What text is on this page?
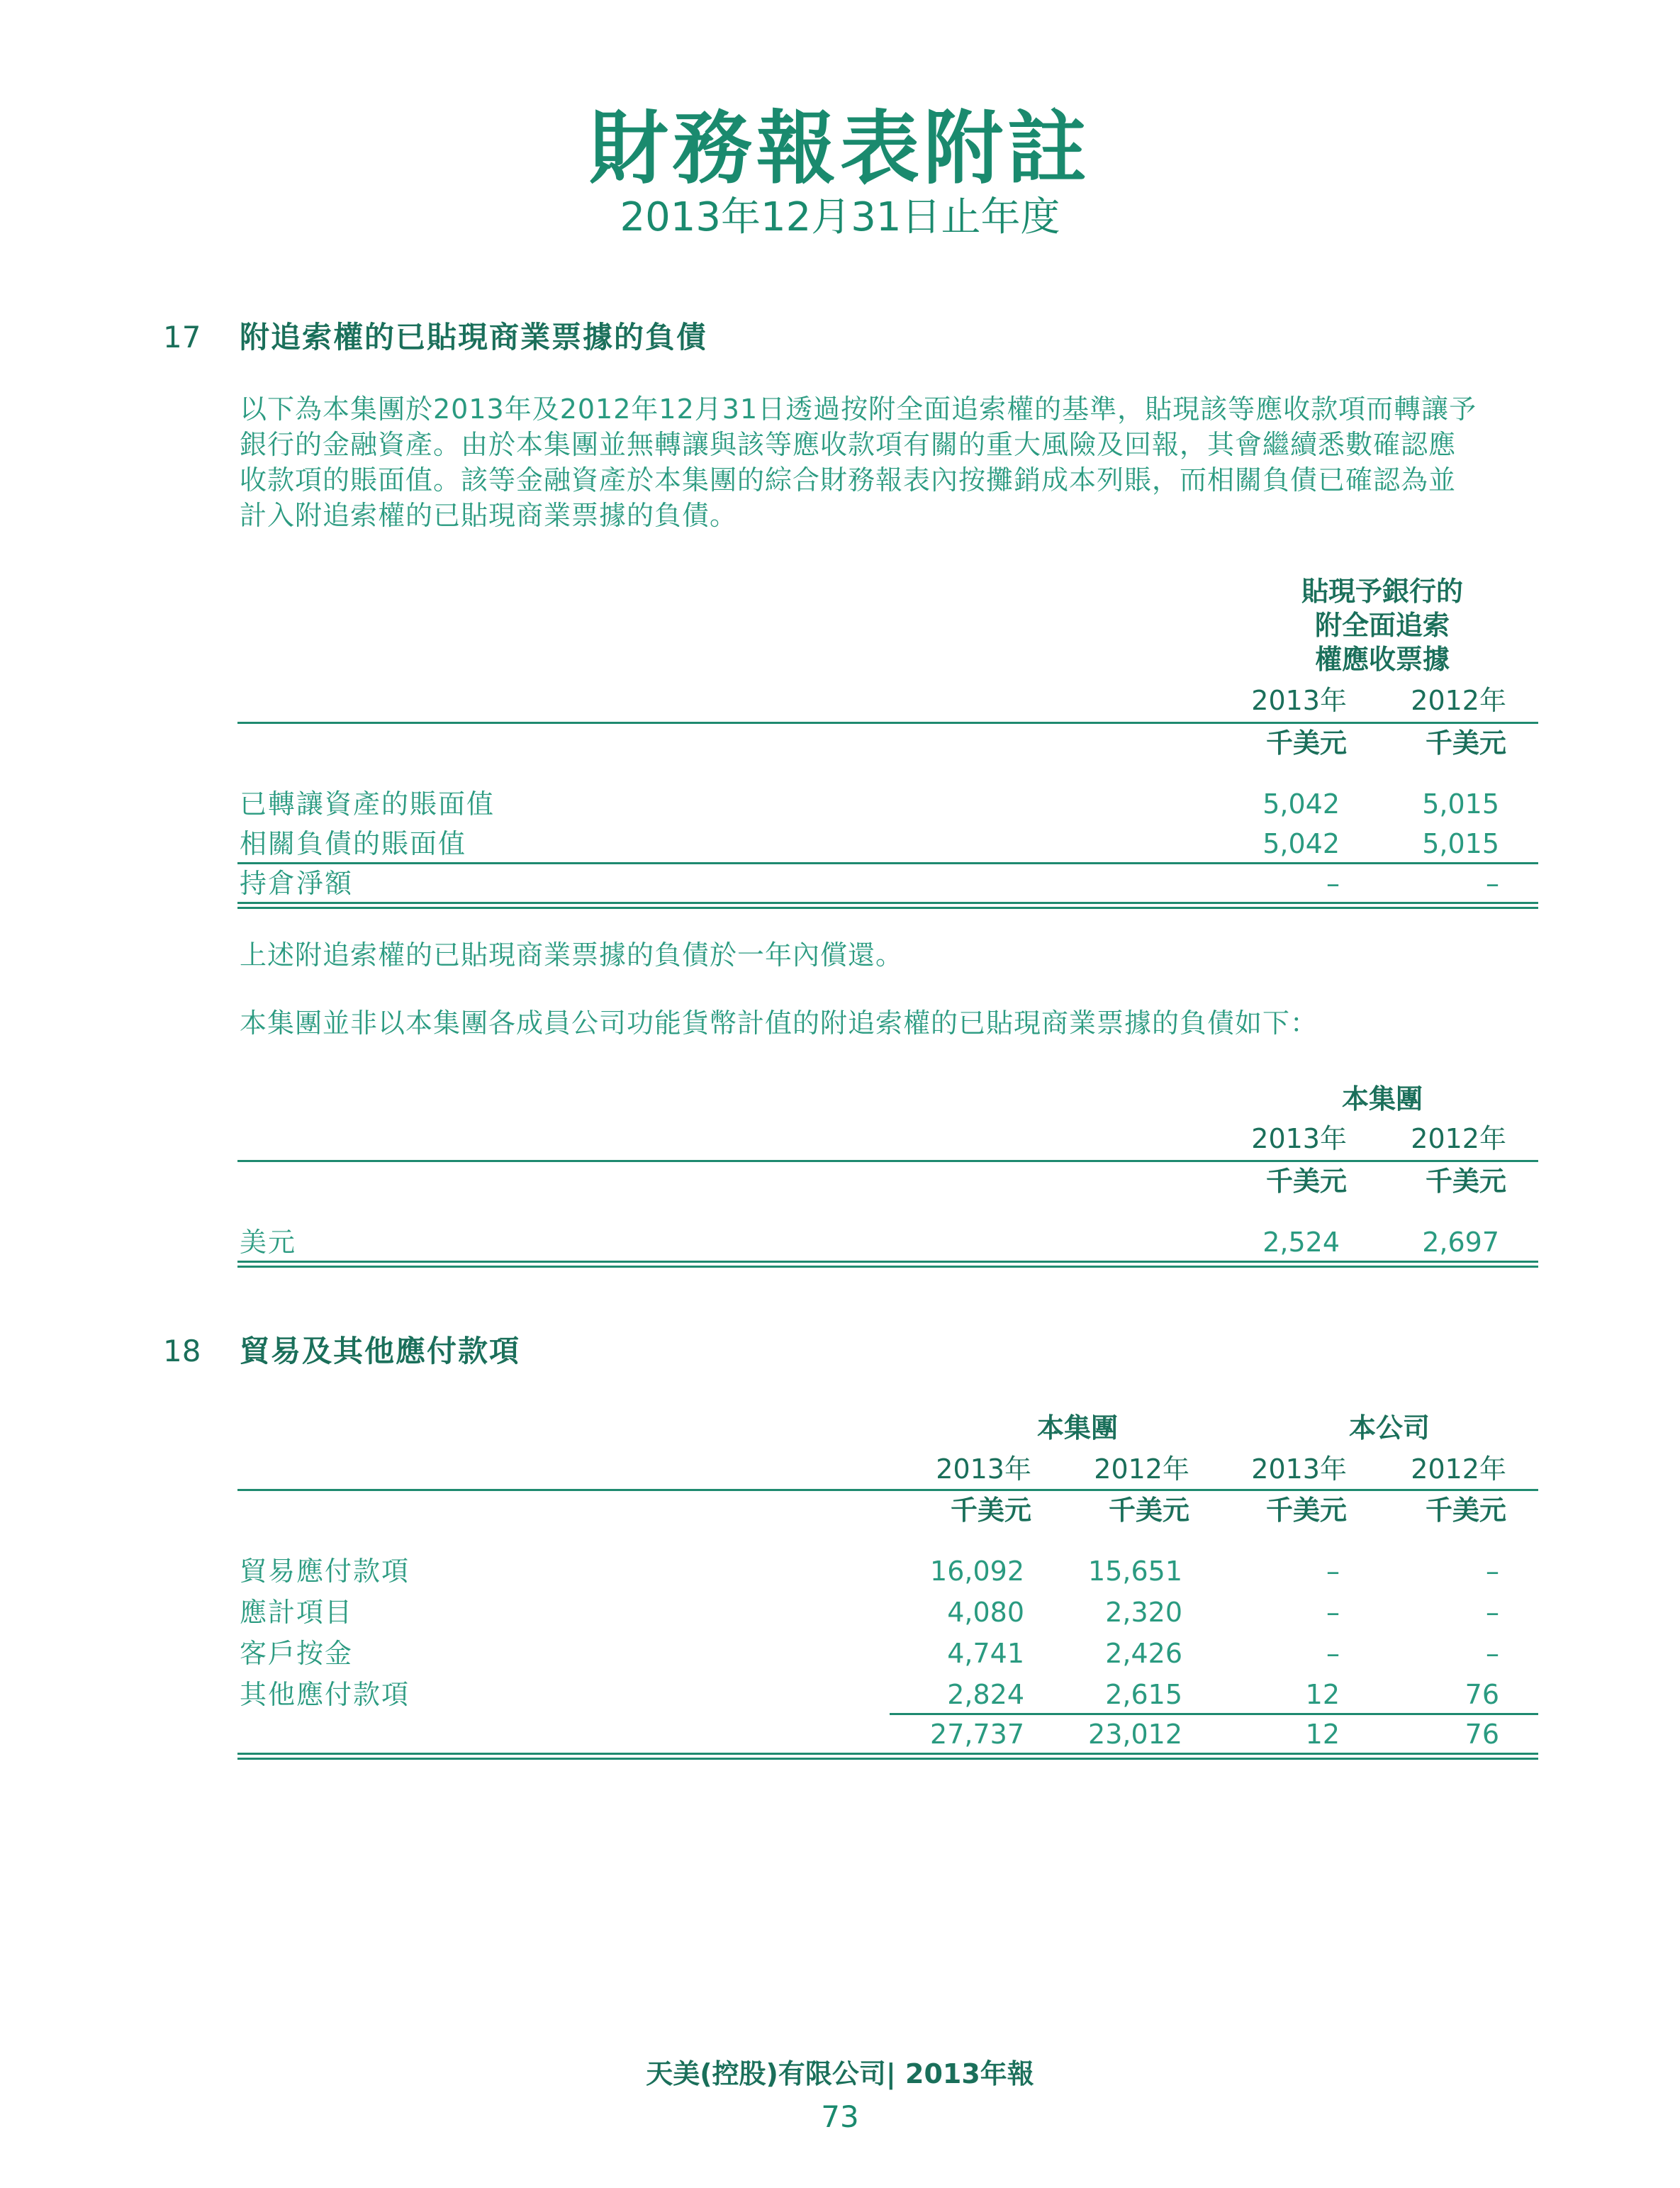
財務報表附註
2013年12月31日止年度
17 附追索權的已貼現商業票據的負債
以下為本集團於2013年及2012年12月31日透過按附全面追索權的基準，貼現該等應收款項而轉讓予
銀行的金融資產。由於本集團並無轉讓與該等應收款項有關的重大風險及回報，其會繼續悉數確認應
收款項的賬面值。該等金融資產於本集團的綜合財務報表內按攤銷成本列賬，而相關負債已確認為並
計入附追索權的已貼現商業票據的負債。
貼現予銀行的
附全面追索
權應收票據
2013年	2012年
千美元	千美元
已轉讓資產的賬面值	5,042	5,015
相關負債的賬面值	5,042	5,015
持倉淨額	–	–
上述附追索權的已貼現商業票據的負債於一年內償還。
本集團並非以本集團各成員公司功能貨幣計值的附追索權的已貼現商業票據的負債如下：
本集團
2013年	2012年
千美元	千美元
美元	2,524	2,697
18 貿易及其他應付款項
本集團	本公司
2013年	2012年	2013年	2012年
千美元	千美元	千美元	千美元
貿易應付款項	16,092	15,651	–	–
應計項目	4,080	2,320	–	–
客戶按金	4,741	2,426	–	–
其他應付款項	2,824	2,615	12	76
27,737	23,012	12	76
天美(控股)有限公司| 2013年報
73
